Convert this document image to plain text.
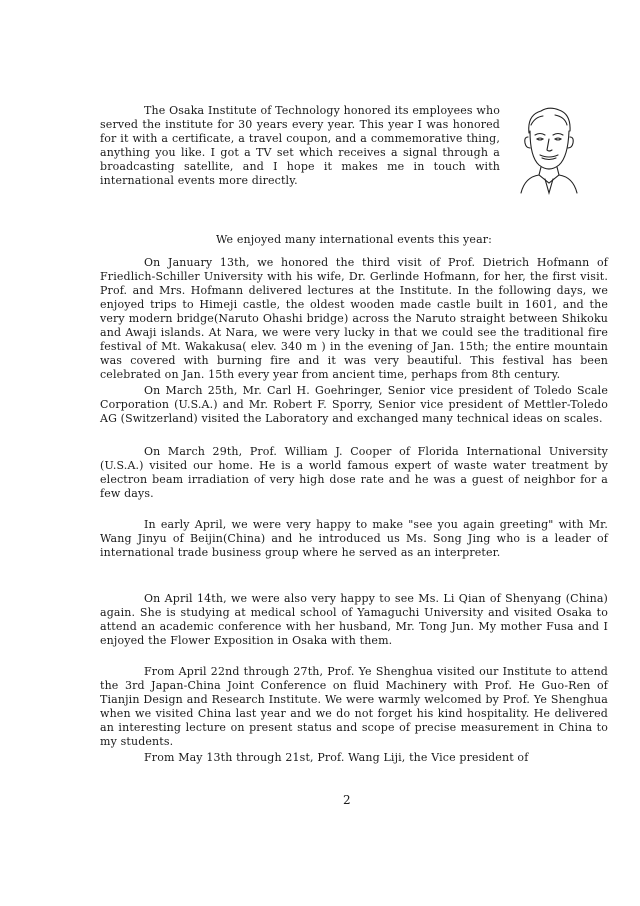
The Osaka Institute of Technology honored its employees who served the institute for 30 years every year. This year I was honored for it with a certificate, a travel coupon, and a commemorative thing, anything you like. I got a TV set which receives a signal through a broadcasting satellite, and I hope it makes me in touch with international events more directly.

We enjoyed many international events this year:

On January 13th, we honored the third visit of Prof. Dietrich Hofmann of Friedlich-Schiller University with his wife, Dr. Gerlinde Hofmann, for her, the first visit. Prof. and Mrs. Hofmann delivered lectures at the Institute. In the following days, we enjoyed trips to Himeji castle, the oldest wooden made castle built in 1601, and the very modern bridge(Naruto Ohashi bridge) across the Naruto straight between Shikoku and Awaji islands. At Nara, we were very lucky in that we could see the traditional fire festival of Mt. Wakakusa( elev. 340 m ) in the evening of Jan. 15th; the entire mountain was covered with burning fire and it was very beautiful. This festival has been celebrated on Jan. 15th every year from ancient time, perhaps from 8th century.

On March 25th, Mr. Carl H. Goehringer, Senior vice president of Toledo Scale Corporation (U.S.A.) and Mr. Robert F. Sporry, Senior vice president of Mettler-Toledo AG (Switzerland) visited the Laboratory and exchanged many technical ideas on scales.

On March 29th, Prof. William J. Cooper of Florida International University (U.S.A.) visited our home. He is a world famous expert of waste water treatment by electron beam irradiation of very high dose rate and he was a guest of neighbor for a few days.

In early April, we were very happy to make "see you again greeting" with Mr. Wang Jinyu of Beijin(China) and he introduced us Ms. Song Jing who is a leader of international trade business group where he served as an interpreter.

On April 14th, we were also very happy to see Ms. Li Qian of Shenyang (China) again. She is studying at medical school of Yamaguchi University and visited Osaka to attend an academic conference with her husband, Mr. Tong Jun. My mother Fusa and I enjoyed the Flower Exposition in Osaka with them.

From April 22nd through 27th, Prof. Ye Shenghua visited our Institute to attend the 3rd Japan-China Joint Conference on fluid Machinery with Prof. He Guo-Ren of Tianjin Design and Research Institute. We were warmly welcomed by Prof. Ye Shenghua when we visited China last year and we do not forget his kind hospitality. He delivered an interesting lecture on present status and scope of precise measurement in China to my students.

From May 13th through 21st, Prof. Wang Liji, the Vice president of

2
